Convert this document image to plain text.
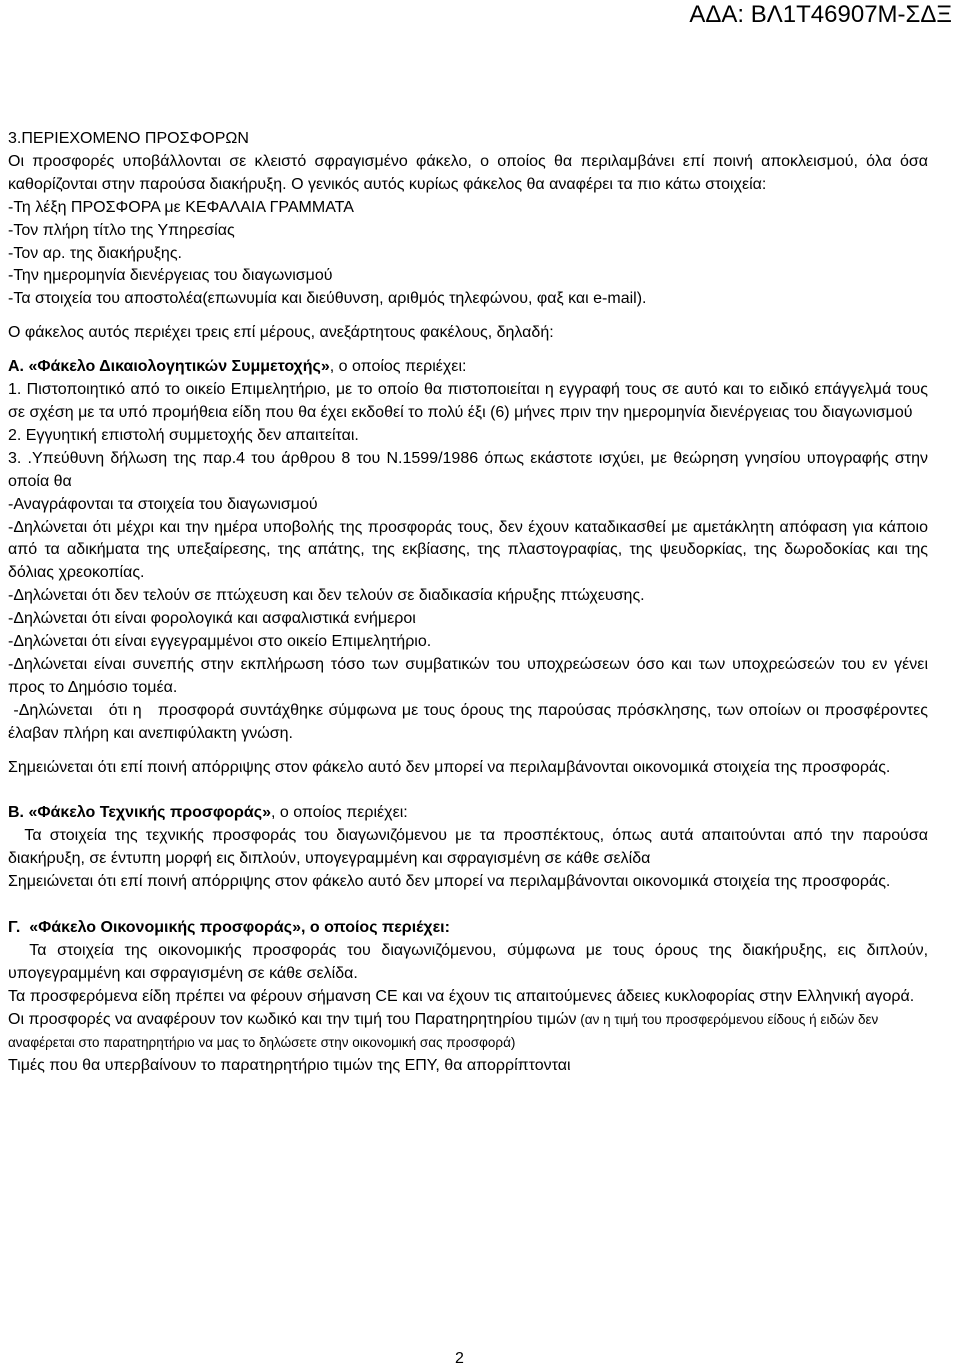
ΑΔΑ: ΒΛ1Τ46907Μ-ΣΔΞ

3.ΠΕΡΙΕΧΟΜΕΝΟ ΠΡΟΣΦΟΡΩΝ

Οι προσφορές υποβάλλονται σε κλειστό σφραγισμένο φάκελο, ο οποίος θα περιλαμβάνει επί ποινή αποκλεισμού, όλα όσα καθορίζονται στην παρούσα διακήρυξη. Ο γενικός αυτός κυρίως φάκελος θα αναφέρει τα πιο κάτω στοιχεία:

-Τη λέξη ΠΡΟΣΦΟΡΑ με ΚΕΦΑΛΑΙΑ ΓΡΑΜΜΑΤΑ

-Τον πλήρη τίτλο της Υπηρεσίας

-Τον αρ. της διακήρυξης.

-Την ημερομηνία διενέργειας του διαγωνισμού

-Τα στοιχεία του αποστολέα(επωνυμία και διεύθυνση, αριθμός τηλεφώνου, φαξ και e-mail).

Ο φάκελος αυτός περιέχει τρεις επί μέρους, ανεξάρτητους φακέλους, δηλαδή:

Α. «Φάκελο Δικαιολογητικών Συμμετοχής», ο οποίος περιέχει:

1. Πιστοποιητικό από το οικείο Επιμελητήριο, με το οποίο θα πιστοποιείται η εγγραφή τους σε αυτό και το ειδικό επάγγελμά τους σε σχέση με τα υπό προμήθεια είδη που θα έχει εκδοθεί το πολύ έξι (6) μήνες πριν την ημερομηνία διενέργειας του διαγωνισμού

2. Εγγυητική επιστολή συμμετοχής δεν απαιτείται.

3. .Υπεύθυνη δήλωση της παρ.4 του άρθρου 8 του Ν.1599/1986 όπως εκάστοτε ισχύει, με θεώρηση γνησίου υπογραφής στην οποία θα

-Αναγράφονται τα στοιχεία του διαγωνισμού

-Δηλώνεται ότι μέχρι και την ημέρα υποβολής της προσφοράς τους, δεν έχουν καταδικασθεί με αμετάκλητη απόφαση για κάποιο από τα αδικήματα της υπεξαίρεσης, της απάτης, της εκβίασης, της πλαστογραφίας, της ψευδορκίας, της δωροδοκίας και της δόλιας χρεοκοπίας.

-Δηλώνεται ότι δεν τελούν σε πτώχευση και δεν τελούν σε διαδικασία κήρυξης πτώχευσης.

-Δηλώνεται ότι είναι φορολογικά και ασφαλιστικά ενήμεροι

-Δηλώνεται ότι είναι εγγεγραμμένοι στο οικείο Επιμελητήριο.

-Δηλώνεται είναι συνεπής στην εκπλήρωση τόσο των συμβατικών του υποχρεώσεων όσο και των υποχρεώσεών του εν γένει προς το Δημόσιο τομέα.

-Δηλώνεται   ότι η   προσφορά συντάχθηκε σύμφωνα με τους όρους της παρούσας πρόσκλησης, των οποίων οι προσφέροντες έλαβαν πλήρη και ανεπιφύλακτη γνώση.

Σημειώνεται ότι επί ποινή απόρριψης στον φάκελο αυτό δεν μπορεί να περιλαμβάνονται οικονομικά στοιχεία της προσφοράς.

Β. «Φάκελο Τεχνικής προσφοράς», ο οποίος περιέχει:

Τα στοιχεία της τεχνικής προσφοράς του διαγωνιζόμενου με τα προσπέκτους, όπως αυτά απαιτούνται από την παρούσα διακήρυξη, σε έντυπη μορφή εις διπλούν, υπογεγραμμένη και σφραγισμένη σε κάθε σελίδα

Σημειώνεται ότι επί ποινή απόρριψης στον φάκελο αυτό δεν μπορεί να περιλαμβάνονται οικονομικά στοιχεία της προσφοράς.

Γ.  «Φάκελο Οικονομικής προσφοράς», ο οποίος περιέχει:

Τα στοιχεία της οικονομικής προσφοράς του διαγωνιζόμενου, σύμφωνα με τους όρους της διακήρυξης, εις διπλούν, υπογεγραμμένη και σφραγισμένη σε κάθε σελίδα.

Τα προσφερόμενα είδη πρέπει να φέρουν σήμανση CE και να έχουν τις απαιτούμενες άδειες κυκλοφορίας στην Ελληνική αγορά.

Οι προσφορές να αναφέρουν τον κωδικό και την τιμή του Παρατηρητηρίου τιμών (αν η τιμή του προσφερόμενου είδους ή ειδών δεν αναφέρεται στο παρατηρητήριο να μας το δηλώσετε στην οικονομική σας προσφορά)

Τιμές που θα υπερβαίνουν το παρατηρητήριο τιμών της ΕΠΥ, θα απορρίπτονται

2
